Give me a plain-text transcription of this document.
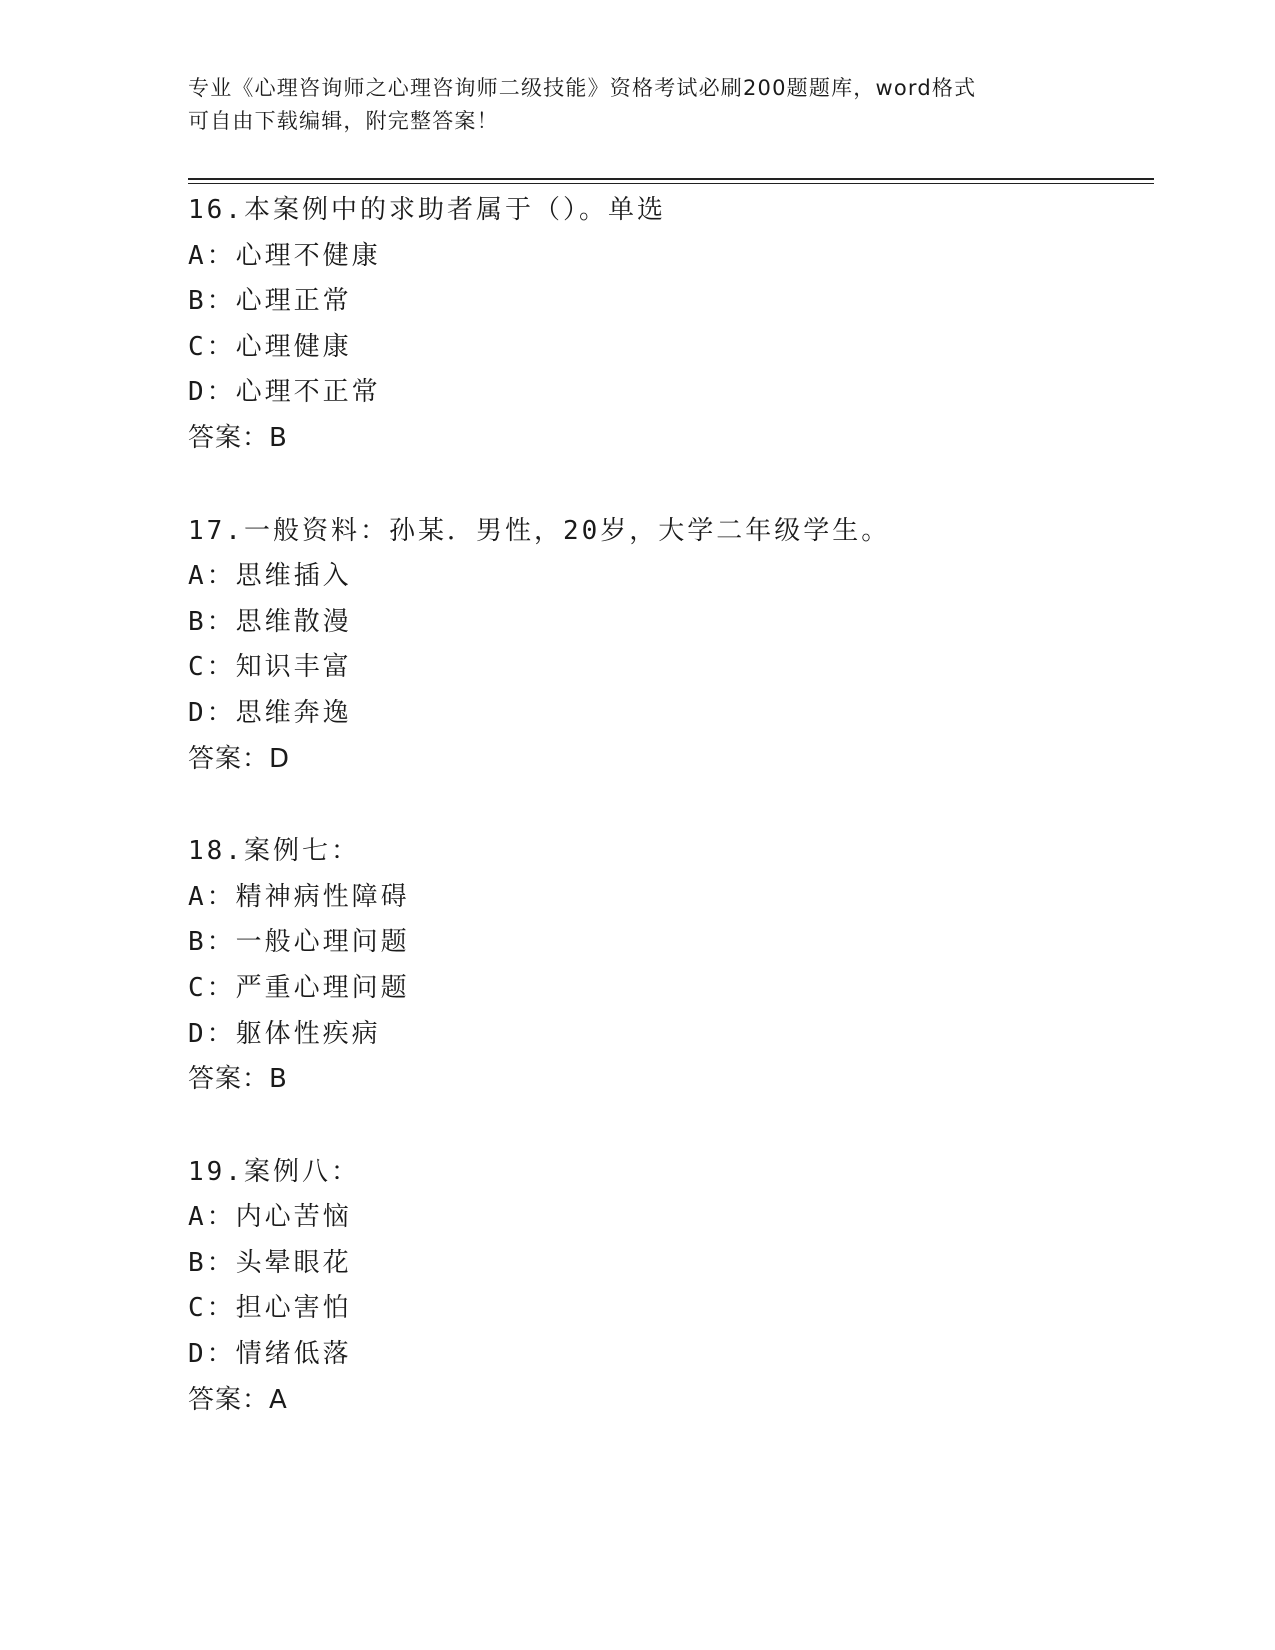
专业《心理咨询师之心理咨询师二级技能》资格考试必刷200题题库，word格式
可自由下载编辑，附完整答案！
16.本案例中的求助者属于（）。单选
A：心理不健康
B：心理正常
C：心理健康
D：心理不正常
答案：B
17.一般资料：孙某．男性，20岁，大学二年级学生。
A：思维插入
B：思维散漫
C：知识丰富
D：思维奔逸
答案：D
18.案例七：
A：精神病性障碍
B：一般心理问题
C：严重心理问题
D：躯体性疾病
答案：B
19.案例八：
A：内心苦恼
B：头晕眼花
C：担心害怕
D：情绪低落
答案：A
